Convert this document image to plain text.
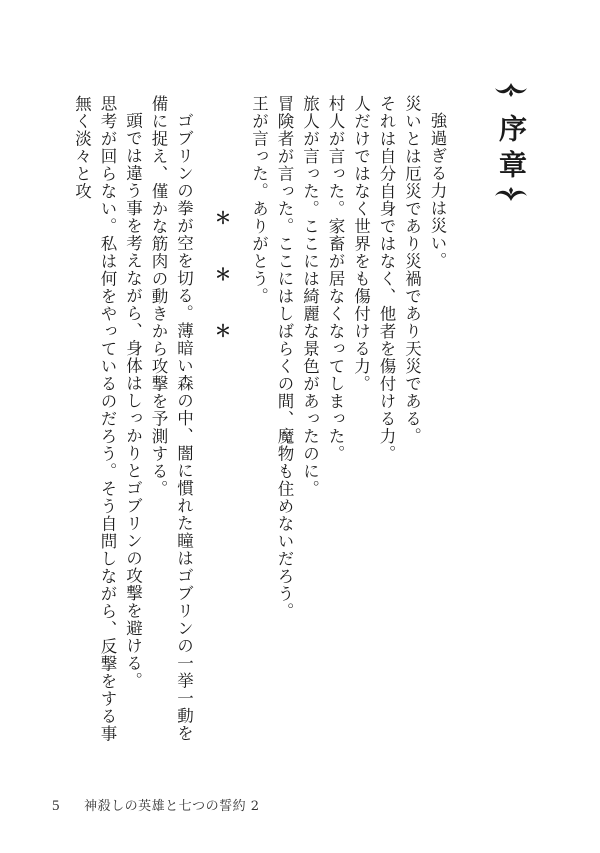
序章

強過ぎる力は災い。

災いとは厄災であり災禍であり天災である。

それは自分自身ではなく、他者を傷付ける力。

人だけではなく世界をも傷付ける力。

村人が言った。家畜が居なくなってしまった。

旅人が言った。ここには綺麗な景色があったのに。

冒険者が言った。ここにはしばらくの間、魔物も住めないだろう。

王が言った。ありがとう。

＊＊＊

ゴブリンの拳が空を切る。薄暗い森の中、闇に慣れた瞳はゴブリンの一挙一動を備に捉え、僅かな筋肉の動きから攻撃を予測する。

頭では違う事を考えながら、身体はしっかりとゴブリンの攻撃を避ける。

思考が回らない。私は何をやっているのだろう。そう自問しながら、反撃をする事無く淡々と攻

5 神殺しの英雄と七つの誓約 2
